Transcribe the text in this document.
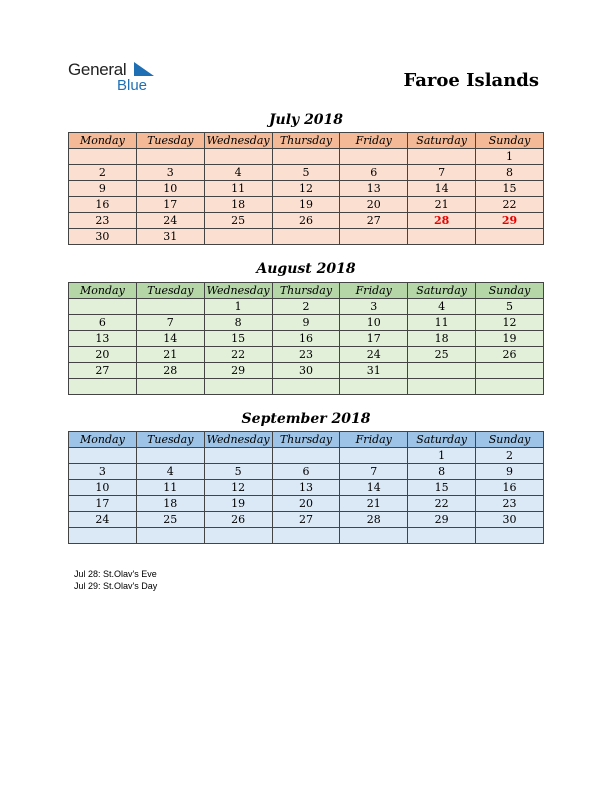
General
Blue	Faroe Islands
July 2018
Monday	Tuesday	Wednesday	Thursday	Friday	Saturday	Sunday
						1
2	3	4	5	6	7	8
9	10	11	12	13	14	15
16	17	18	19	20	21	22
23	24	25	26	27	28	29
30	31					
August 2018
Monday	Tuesday	Wednesday	Thursday	Friday	Saturday	Sunday
		1	2	3	4	5
6	7	8	9	10	11	12
13	14	15	16	17	18	19
20	21	22	23	24	25	26
27	28	29	30	31		

September 2018
Monday	Tuesday	Wednesday	Thursday	Friday	Saturday	Sunday
					1	2
3	4	5	6	7	8	9
10	11	12	13	14	15	16
17	18	19	20	21	22	23
24	25	26	27	28	29	30

Jul 28: St.Olav's Eve
Jul 29: St.Olav's Day
